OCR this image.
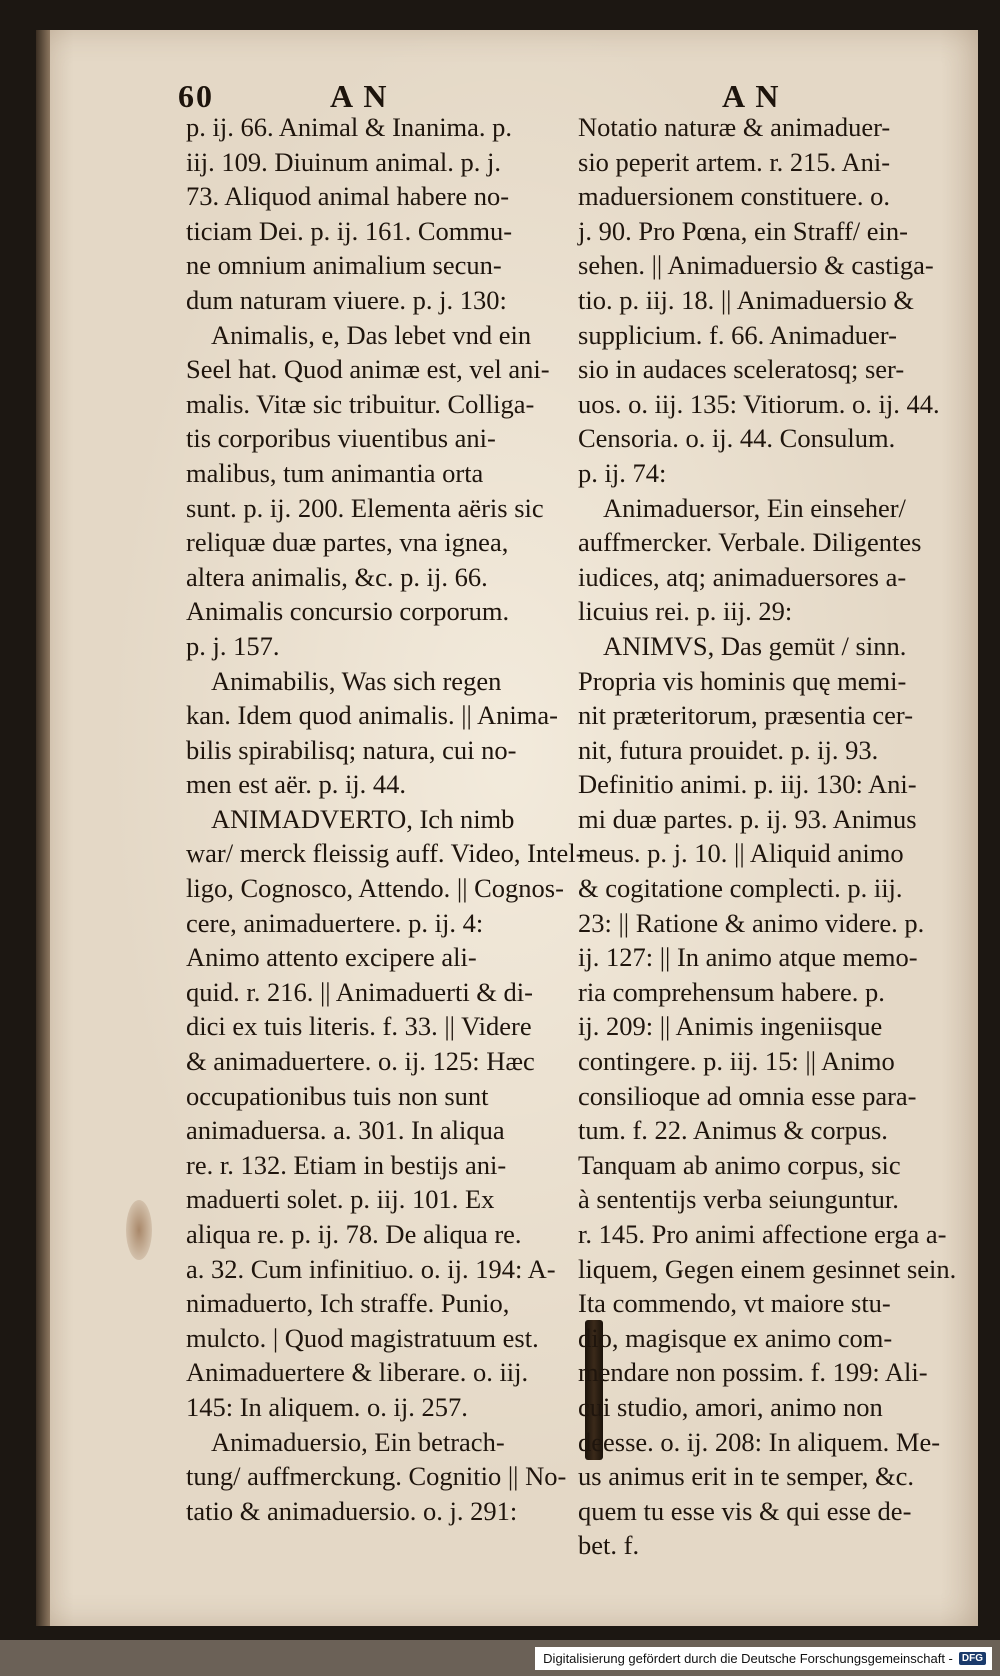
60	A N	A N

p. ij. 66. Animal & Inanima. p.

iij. 109. Diuinum animal. p. j.

73. Aliquod animal habere no-

ticiam Dei. p. ij. 161. Commu-

ne omnium animalium secun-

dum naturam viuere. p. j. 130:

Animalis, e, Das lebet vnd ein

Seel hat. Quod animæ est, vel ani-

malis. Vitæ sic tribuitur. Colliga-

tis corporibus viuentibus ani-

malibus, tum animantia orta

sunt. p. ij. 200. Elementa aëris sic

reliquæ duæ partes, vna ignea,

altera animalis, &c. p. ij. 66.

Animalis concursio corporum.

p. j. 157.

Animabilis, Was sich regen

kan. Idem quod animalis. || Anima-

bilis spirabilisq; natura, cui no-

men est aër. p. ij. 44.

ANIMADVERTO, Ich nimb

war/ merck fleissig auff. Video, Intel-

ligo, Cognosco, Attendo. || Cognos-

cere, animaduertere. p. ij. 4:

Animo attento excipere ali-

quid. r. 216. || Animaduerti & di-

dici ex tuis literis. f. 33. || Videre

& animaduertere. o. ij. 125: Hæc

occupationibus tuis non sunt

animaduersa. a. 301. In aliqua

re. r. 132. Etiam in bestijs ani-

maduerti solet. p. iij. 101. Ex

aliqua re. p. ij. 78. De aliqua re.

a. 32. Cum infinitiuo. o. ij. 194: A-

nimaduerto, Ich straffe. Punio,

mulcto. | Quod magistratuum est.

Animaduertere & liberare. o. iij.

145: In aliquem. o. ij. 257.

Animaduersio, Ein betrach-

tung/ auffmerckung. Cognitio || No-

tatio & animaduersio. o. j. 291:

Notatio naturæ & animaduer-

sio peperit artem. r. 215. Ani-

maduersionem constituere. o.

j. 90. Pro Pœna, ein Straff/ ein-

sehen. || Animaduersio & castiga-

tio. p. iij. 18. || Animaduersio &

supplicium. f. 66. Animaduer-

sio in audaces sceleratosq; ser-

uos. o. iij. 135: Vitiorum. o. ij. 44.

Censoria. o. ij. 44. Consulum.

p. ij. 74:

Animaduersor, Ein einseher/

auffmercker. Verbale. Diligentes

iudices, atq; animaduersores a-

licuius rei. p. iij. 29:

ANIMVS, Das gemüt / sinn.

Propria vis hominis quę memi-

nit præteritorum, præsentia cer-

nit, futura prouidet. p. ij. 93.

Definitio animi. p. iij. 130: Ani-

mi duæ partes. p. ij. 93. Animus

meus. p. j. 10. || Aliquid animo

& cogitatione complecti. p. iij.

23: || Ratione & animo videre. p.

ij. 127: || In animo atque memo-

ria comprehensum habere. p.

ij. 209: || Animis ingeniisque

contingere. p. iij. 15: || Animo

consilioque ad omnia esse para-

tum. f. 22. Animus & corpus.

Tanquam ab animo corpus, sic

à sententijs verba seiunguntur.

r. 145. Pro animi affectione erga a-

liquem, Gegen einem gesinnet sein.

Ita commendo, vt maiore stu-

dio, magisque ex animo com-

mendare non possim. f. 199: Ali-

cui studio, amori, animo non

deesse. o. ij. 208: In aliquem. Me-

us animus erit in te semper, &c.

quem tu esse vis & qui esse de-

bet. f.

Digitalisierung gefördert durch die Deutsche Forschungsgemeinschaft - DFG
